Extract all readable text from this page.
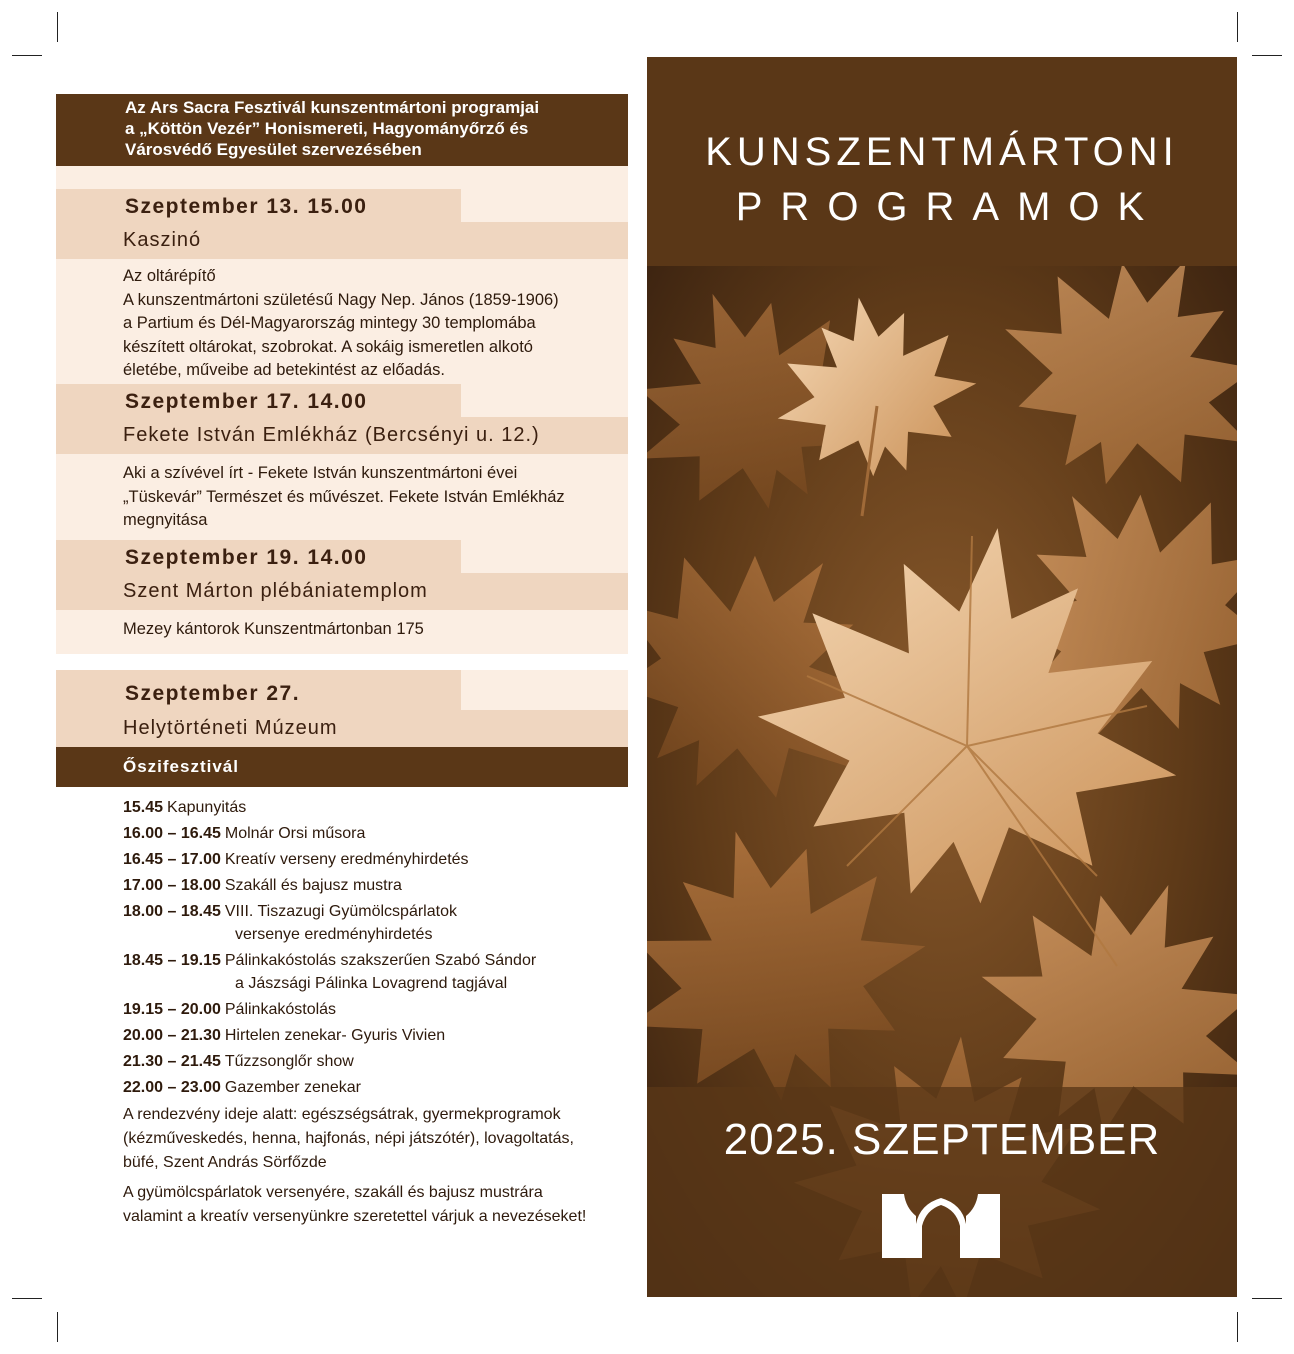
Az Ars Sacra Fesztivál kunszentmártoni programjai
a „Köttön Vezér” Honismereti, Hagyományőrző és
Városvédő Egyesület szervezésében
Szeptember 13. 15.00
Kaszinó
Az oltárépítő
A kunszentmártoni születésű Nagy Nep. János (1859-1906)
a Partium és Dél-Magyarország mintegy 30 templomába
készített oltárokat, szobrokat. A sokáig ismeretlen alkotó
életébe, műveibe ad betekintést az előadás.
Szeptember 17. 14.00
Fekete István Emlékház (Bercsényi u. 12.)
Aki a szívével írt - Fekete István kunszentmártoni évei
„Tüskevár” Természet és művészet. Fekete István Emlékház
megnyitása
Szeptember 19. 14.00
Szent Márton plébániatemplom
Mezey kántorok Kunszentmártonban 175
Szeptember 27.
Helytörténeti Múzeum
Őszifesztivál
15.45 Kapunyitás
16.00 – 16.45 Molnár Orsi műsora
16.45 – 17.00 Kreatív verseny eredményhirdetés
17.00 – 18.00 Szakáll és bajusz mustra
18.00 – 18.45 VIII. Tiszazugi Gyümölcspárlatok
versenye eredményhirdetés
18.45 – 19.15 Pálinkakóstolás szakszerűen Szabó Sándor
a Jászsági Pálinka Lovagrend tagjával
19.15 – 20.00 Pálinkakóstolás
20.00 – 21.30 Hirtelen zenekar- Gyuris Vivien
21.30 – 21.45 Tűzzsonglőr show
22.00 – 23.00 Gazember zenekar
A rendezvény ideje alatt: egészségsátrak, gyermekprogramok
(kézműveskedés, henna, hajfonás, népi játszótér), lovagoltatás,
büfé, Szent András Sörfőzde
A gyümölcspárlatok versenyére, szakáll és bajusz mustrára
valamint a kreatív versenyünkre szeretettel várjuk a nevezéseket!
KUNSZENTMÁRTONI
PROGRAMOK
2025. SZEPTEMBER
